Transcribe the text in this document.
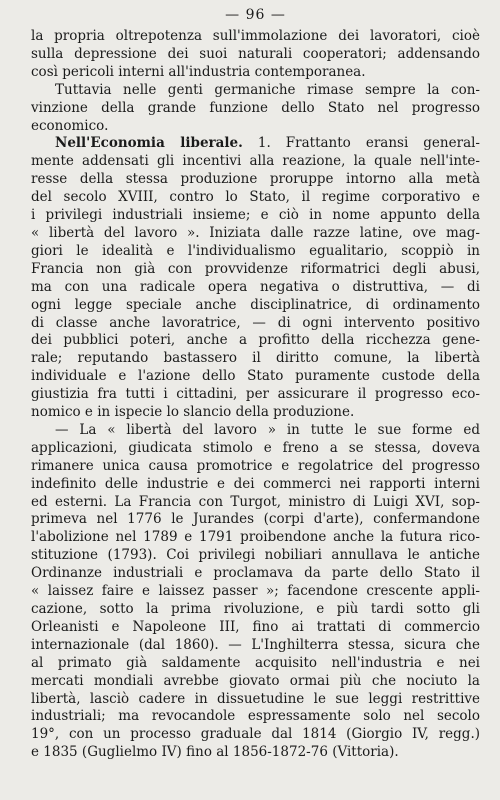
— 96 —
la propria oltrepotenza sull'immolazione dei lavoratori, cioè
sulla depressione dei suoi naturali cooperatori; addensando
così pericoli interni all'industria contemporanea.
Tuttavia nelle genti germaniche rimase sempre la con-
vinzione della grande funzione dello Stato nel progresso
economico.
Nell'Economia liberale. 1. Frattanto eransi general-
mente addensati gli incentivi alla reazione, la quale nell'inte-
resse della stessa produzione proruppe intorno alla metà
del secolo XVIII, contro lo Stato, il regime corporativo e
i privilegi industriali insieme; e ciò in nome appunto della
« libertà del lavoro ». Iniziata dalle razze latine, ove mag-
giori le idealità e l'individualismo egualitario, scoppiò in
Francia non già con provvidenze riformatrici degli abusi,
ma con una radicale opera negativa o distruttiva, — di
ogni legge speciale anche disciplinatrice, di ordinamento
di classe anche lavoratrice, — di ogni intervento positivo
dei pubblici poteri, anche a profitto della ricchezza gene-
rale; reputando bastassero il diritto comune, la libertà
individuale e l'azione dello Stato puramente custode della
giustizia fra tutti i cittadini, per assicurare il progresso eco-
nomico e in ispecie lo slancio della produzione.
— La « libertà del lavoro » in tutte le sue forme ed
applicazioni, giudicata stimolo e freno a se stessa, doveva
rimanere unica causa promotrice e regolatrice del progresso
indefinito delle industrie e dei commerci nei rapporti interni
ed esterni. La Francia con Turgot, ministro di Luigi XVI, sop-
primeva nel 1776 le Jurandes (corpi d'arte), confermandone
l'abolizione nel 1789 e 1791 proibendone anche la futura rico-
stituzione (1793). Coi privilegi nobiliari annullava le antiche
Ordinanze industriali e proclamava da parte dello Stato il
« laissez faire e laissez passer »; facendone crescente appli-
cazione, sotto la prima rivoluzione, e più tardi sotto gli
Orleanisti e Napoleone III, fino ai trattati di commercio
internazionale (dal 1860). — L'Inghilterra stessa, sicura che
al primato già saldamente acquisito nell'industria e nei
mercati mondiali avrebbe giovato ormai più che nociuto la
libertà, lasciò cadere in dissuetudine le sue leggi restrittive
industriali; ma revocandole espressamente solo nel secolo
19°, con un processo graduale dal 1814 (Giorgio IV, regg.)
e 1835 (Guglielmo IV) fino al 1856-1872-76 (Vittoria).
